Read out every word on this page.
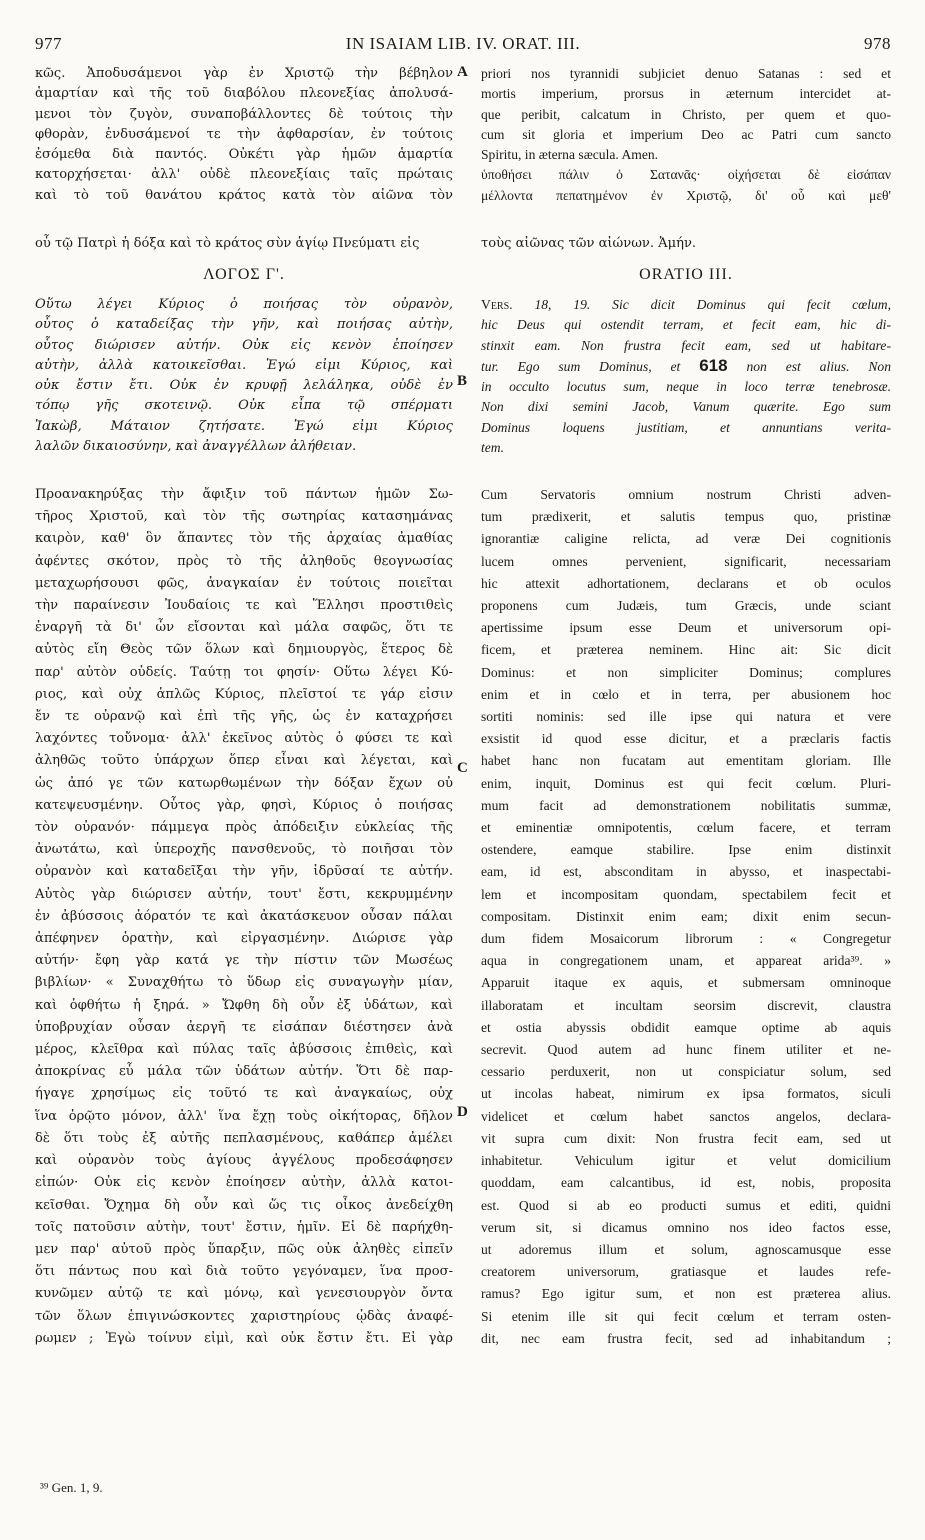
977	IN ISAIAM LIB. IV. ORAT. III.	978
κῶς. Ἀποδυσάμενοι γὰρ ἐν Χριστῷ τὴν βέβηλον
ἁμαρτίαν καὶ τῆς τοῦ διαβόλου πλεονεξίας ἀπολυσά-
μενοι τὸν ζυγὸν, συναποβάλλοντες δὲ τούτοις τὴν
φθορὰν, ἐνδυσάμενοί τε τὴν ἀφθαρσίαν, ἐν τούτοις
ἐσόμεθα διὰ παντός. Οὐκέτι γὰρ ἡμῶν ἁμαρτία
κατορχήσεται· ἀλλ' οὐδὲ πλεονεξίαις ταῖς πρώταις
καὶ τὸ τοῦ θανάτου κράτος κατὰ τὸν αἰῶνα τὸν
priori nos tyrannidi subjiciet denuo Satanas : sed et
mortis imperium, prorsus in æternum intercidet at-
que peribit, calcatum in Christo, per quem et quo-
cum sit gloria et imperium Deo ac Patri cum sancto
Spiritu, in æterna sæcula. Amen.
ὑποθήσει πάλιν ὁ Σατανᾶς· οἰχήσεται δὲ εἰσάπαν
μέλλοντα πεπατημένον ἐν Χριστῷ, δι' οὗ καὶ μεθ'
A
οὗ τῷ Πατρὶ ἡ δόξα καὶ τὸ κράτος σὺν ἁγίῳ Πνεύματι εἰς	τοὺς αἰῶνας τῶν αἰώνων. Ἀμήν.
ΛΟΓΟΣ Γ'.	ORATIO III.
Οὕτω λέγει Κύριος ὁ ποιήσας τὸν οὐρανὸν,
οὗτος ὁ καταδείξας τὴν γῆν, καὶ ποιήσας αὐτὴν,
οὗτος διώρισεν αὐτήν. Οὐκ εἰς κενὸν ἐποίησεν
αὐτὴν, ἀλλὰ κατοικεῖσθαι. Ἐγώ εἰμι Κύριος, καὶ
οὐκ ἔστιν ἔτι. Οὐκ ἐν κρυφῇ λελάληκα, οὐδὲ ἐν
τόπῳ γῆς σκοτεινῷ. Οὐκ εἶπα τῷ σπέρματι
Ἰακὼβ, Μάταιον ζητήσατε. Ἐγώ εἰμι Κύριος
λαλῶν δικαιοσύνην, καὶ ἀναγγέλλων ἀλήθειαν.
B
Vers. 18, 19. Sic dicit Dominus qui fecit cœlum,
hic Deus qui ostendit terram, et fecit eam, hic di-
stinxit eam. Non frustra fecit eam, sed ut habitare-
tur. Ego sum Dominus, et 618 non est alius. Non
in occulto locutus sum, neque in loco terræ tenebrosæ.
Non dixi semini Jacob, Vanum quærite. Ego sum
Dominus loquens justitiam, et annuntians verita-
tem.
Προανακηρύξας τὴν ἄφιξιν τοῦ πάντων ἡμῶν Σω-
τῆρος Χριστοῦ, καὶ τὸν τῆς σωτηρίας κατασημάνας
καιρὸν, καθ' ὃν ἅπαντες τὸν τῆς ἀρχαίας ἀμαθίας
ἀφέντες σκότον, πρὸς τὸ τῆς ἀληθοῦς θεογνωσίας
μεταχωρήσουσι φῶς, ἀναγκαίαν ἐν τούτοις ποιεῖται
τὴν παραίνεσιν Ἰουδαίοις τε καὶ Ἕλλησι προστιθεὶς
ἐναργῆ τὰ δι' ὧν εἴσονται καὶ μάλα σαφῶς, ὅτι τε
αὐτὸς εἴη Θεὸς τῶν ὅλων καὶ δημιουργὸς, ἕτερος δὲ
παρ' αὐτὸν οὐδείς. Ταύτῃ τοι φησίν· Οὕτω λέγει Κύ-
ριος, καὶ οὐχ ἁπλῶς Κύριος, πλεῖστοί τε γάρ εἰσιν
ἔν τε οὐρανῷ καὶ ἐπὶ τῆς γῆς, ὡς ἐν καταχρήσει
λαχόντες τοὔνομα· ἀλλ' ἐκεῖνος αὐτὸς ὁ φύσει τε καὶ
ἀληθῶς τοῦτο ὑπάρχων ὅπερ εἶναι καὶ λέγεται, καὶ
ὡς ἀπό γε τῶν κατωρθωμένων τὴν δόξαν ἔχων οὐ
κατεψευσμένην. Οὗτος γὰρ, φησὶ, Κύριος ὁ ποιήσας
τὸν οὐρανόν· πάμμεγα πρὸς ἀπόδειξιν εὐκλείας τῆς
ἀνωτάτω, καὶ ὑπεροχῆς πανσθενοῦς, τὸ ποιῆσαι τὸν
οὐρανὸν καὶ καταδεῖξαι τὴν γῆν, ἱδρῦσαί τε αὐτήν.
Αὐτὸς γὰρ διώρισεν αὐτήν, τουτ' ἔστι, κεκρυμμένην
ἐν ἀβύσσοις ἀόρατόν τε καὶ ἀκατάσκευον οὖσαν πάλαι
ἀπέφηνεν ὁρατὴν, καὶ εἰργασμένην. Διώρισε γὰρ
αὐτήν· ἔφη γὰρ κατά γε τὴν πίστιν τῶν Μωσέως
βιβλίων· « Συναχθήτω τὸ ὕδωρ εἰς συναγωγὴν μίαν,
καὶ ὀφθήτω ἡ ξηρά. » Ὤφθη δὴ οὖν ἐξ ὑδάτων, καὶ
ὑποβρυχίαν οὖσαν ἀεργῆ τε εἰσάπαν διέστησεν ἀνὰ
μέρος, κλεῖθρα καὶ πύλας ταῖς ἀβύσσοις ἐπιθεὶς, καὶ
ἀποκρίνας εὖ μάλα τῶν ὑδάτων αὐτήν. Ὅτι δὲ παρ-
ήγαγε χρησίμως εἰς τοῦτό τε καὶ ἀναγκαίως, οὐχ
ἵνα ὁρῷτο μόνον, ἀλλ' ἵνα ἔχῃ τοὺς οἰκήτορας, δῆλον
δὲ ὅτι τοὺς ἐξ αὐτῆς πεπλασμένους, καθάπερ ἀμέλει
καὶ οὐρανὸν τοὺς ἁγίους ἀγγέλους προδεσάφησεν
εἰπών· Οὐκ εἰς κενὸν ἐποίησεν αὐτὴν, ἀλλὰ κατοι-
κεῖσθαι. Ὄχημα δὴ οὖν καὶ ὥς τις οἶκος ἀνεδείχθη
τοῖς πατοῦσιν αὐτὴν, τουτ' ἔστιν, ἡμῖν. Εἰ δὲ παρήχθη-
μεν παρ' αὐτοῦ πρὸς ὕπαρξιν, πῶς οὐκ ἀληθὲς εἰπεῖν
ὅτι πάντως που καὶ διὰ τοῦτο γεγόναμεν, ἵνα προσ-
κυνῶμεν αὐτῷ τε καὶ μόνῳ, καὶ γενεσιουργὸν ὄντα
τῶν ὅλων ἐπιγινώσκοντες χαριστηρίους ᾠδὰς ἀναφέ-
ρωμεν ; Ἐγὼ τοίνυν εἰμὶ, καὶ οὐκ ἔστιν ἔτι. Εἰ γὰρ
Cum Servatoris omnium nostrum Christi adven-
tum prædixerit, et salutis tempus quo, pristinæ
ignorantiæ caligine relicta, ad veræ Dei cognitionis
lucem omnes pervenient, significarit, necessariam
hic attexit adhortationem, declarans et ob oculos
proponens cum Judæis, tum Græcis, unde sciant
apertissime ipsum esse Deum et universorum opi-
ficem, et præterea neminem. Hinc ait: Sic dicit
Dominus: et non simpliciter Dominus; complures
enim et in cœlo et in terra, per abusionem hoc
sortiti nominis: sed ille ipse qui natura et vere
exsistit id quod esse dicitur, et a præclaris factis
habet hanc non fucatam aut ementitam gloriam. Ille
enim, inquit, Dominus est qui fecit cœlum. Pluri-
mum facit ad demonstrationem nobilitatis summæ,
et eminentiæ omnipotentis, cœlum facere, et terram
ostendere, eamque stabilire. Ipse enim distinxit
eam, id est, absconditam in abysso, et inaspectabi-
lem et incompositam quondam, spectabilem fecit et
compositam. Distinxit enim eam; dixit enim secun-
dum fidem Mosaicorum librorum : « Congregetur
aqua in congregationem unam, et appareat arida³⁹. »
Apparuit itaque ex aquis, et submersam omninoque
illaboratam et incultam seorsim discrevit, claustra
et ostia abyssis obdidit eamque optime ab aquis
secrevit. Quod autem ad hunc finem utiliter et ne-
cessario perduxerit, non ut conspiciatur solum, sed
ut incolas habeat, nimirum ex ipsa formatos, siculi
videlicet et cœlum habet sanctos angelos, declara-
vit supra cum dixit: Non frustra fecit eam, sed ut
inhabitetur. Vehiculum igitur et velut domicilium
quoddam, eam calcantibus, id est, nobis, proposita
est. Quod si ab eo producti sumus et editi, quidni
verum sit, si dicamus omnino nos ideo factos esse,
ut adoremus illum et solum, agnoscamusque esse
creatorem universorum, gratiasque et laudes refe-
ramus? Ego igitur sum, et non est præterea alius.
Si etenim ille sit qui fecit cœlum et terram osten-
dit, nec eam frustra fecit, sed ad inhabitandum ;
C
D
³⁹ Gen. 1, 9.
